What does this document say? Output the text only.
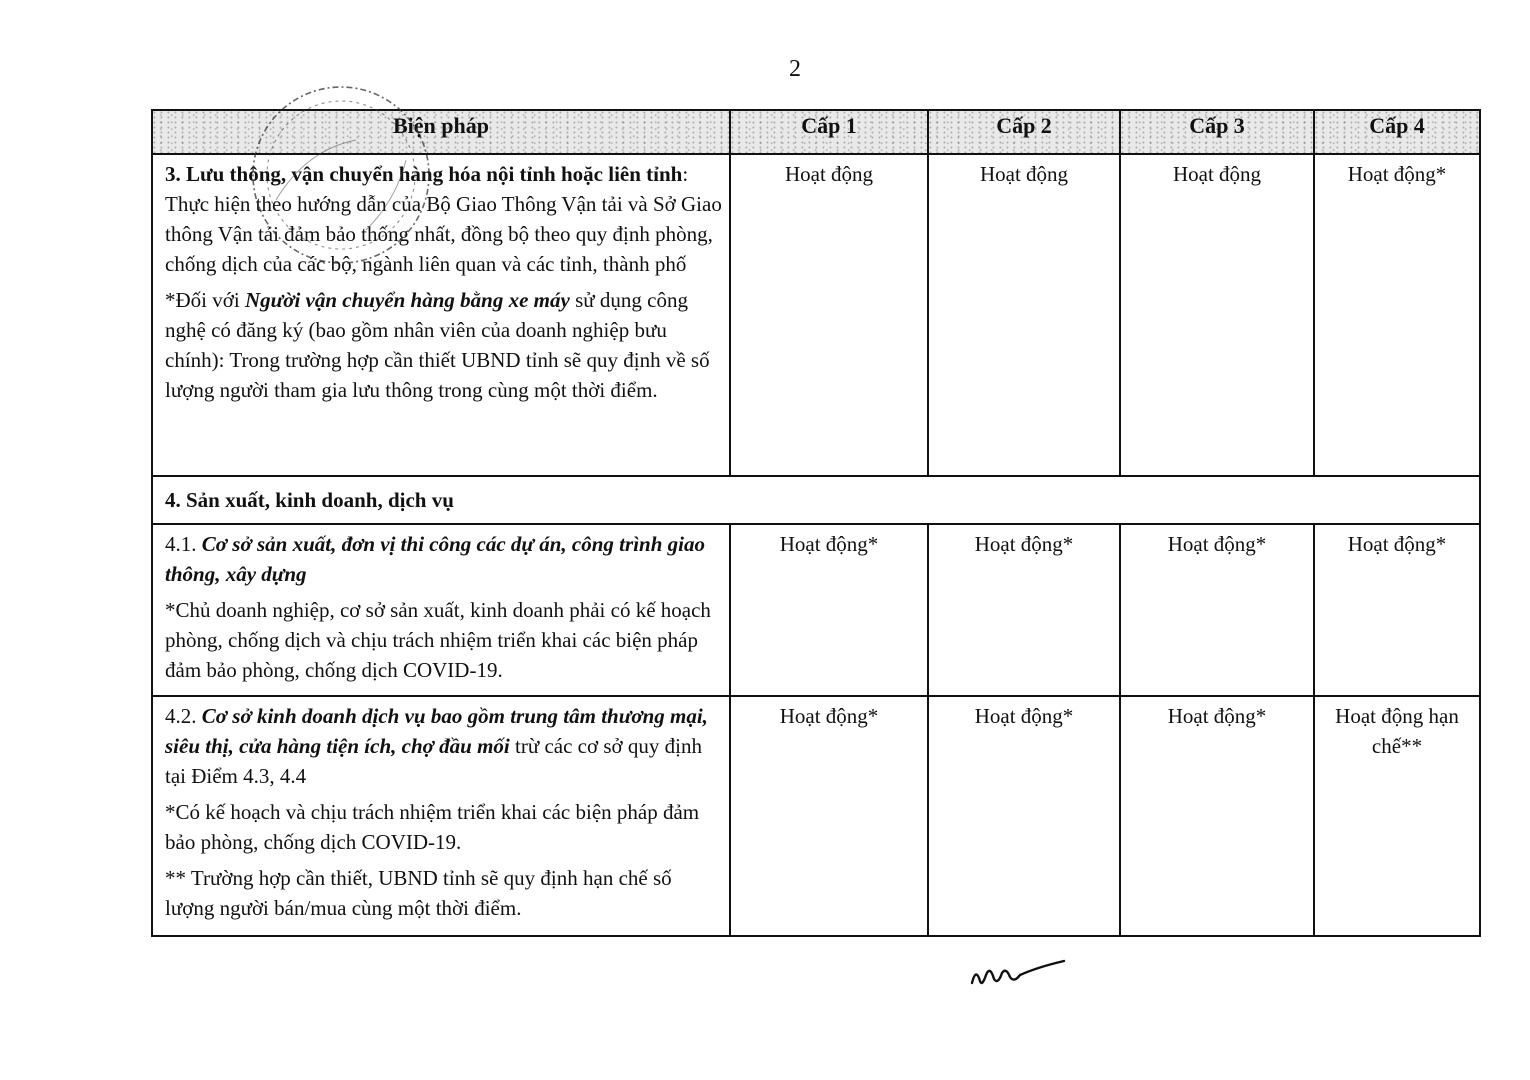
2
Biện pháp	Cấp 1	Cấp 2	Cấp 3	Cấp 4

3. Lưu thông, vận chuyển hàng hóa nội tỉnh hoặc liên tỉnh: Thực hiện theo hướng dẫn của Bộ Giao Thông Vận tải và Sở Giao thông Vận tải đảm bảo thống nhất, đồng bộ theo quy định phòng, chống dịch của các bộ, ngành liên quan và các tỉnh, thành phố

*Đối với Người vận chuyển hàng bằng xe máy sử dụng công nghệ có đăng ký (bao gồm nhân viên của doanh nghiệp bưu chính): Trong trường hợp cần thiết UBND tỉnh sẽ quy định về số lượng người tham gia lưu thông trong cùng một thời điểm.	Hoạt động	Hoạt động	Hoạt động	Hoạt động*
4. Sản xuất, kinh doanh, dịch vụ				

4.1. Cơ sở sản xuất, đơn vị thi công các dự án, công trình giao thông, xây dựng

*Chủ doanh nghiệp, cơ sở sản xuất, kinh doanh phải có kế hoạch phòng, chống dịch và chịu trách nhiệm triển khai các biện pháp đảm bảo phòng, chống dịch COVID-19.	Hoạt động*	Hoạt động*	Hoạt động*	Hoạt động*

4.2. Cơ sở kinh doanh dịch vụ bao gồm trung tâm thương mại, siêu thị, cửa hàng tiện ích, chợ đầu mối trừ các cơ sở quy định tại Điểm 4.3, 4.4

*Có kế hoạch và chịu trách nhiệm triển khai các biện pháp đảm bảo phòng, chống dịch COVID-19.

** Trường hợp cần thiết, UBND tỉnh sẽ quy định hạn chế số lượng người bán/mua cùng một thời điểm.	Hoạt động*	Hoạt động*	Hoạt động*	Hoạt động hạn chế**
